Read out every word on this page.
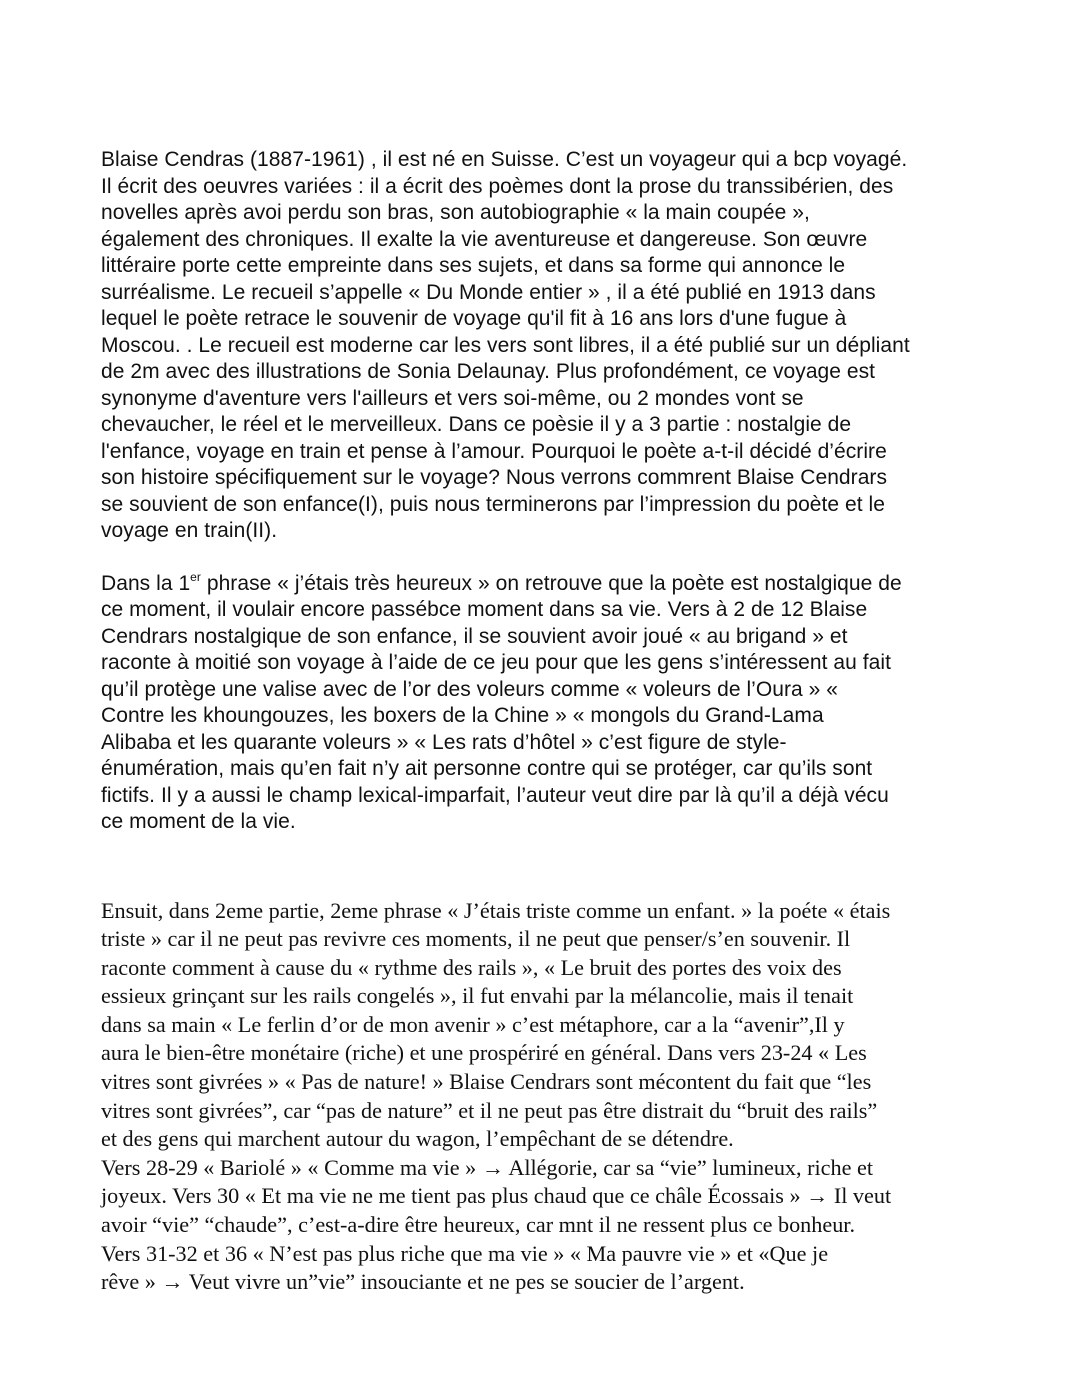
Blaise Cendras (1887-1961) , il est né en Suisse. C’est un voyageur qui a bcp voyagé.
Il écrit des oeuvres variées : il a écrit des poèmes dont la prose du transsibérien, des
novelles après avoi perdu son bras, son autobiographie « la main coupée »,
également des chroniques. Il exalte la vie aventureuse et dangereuse. Son œuvre
littéraire porte cette empreinte dans ses sujets, et dans sa forme qui annonce le
surréalisme. Le recueil s’appelle « Du Monde entier » , il a été publié en 1913 dans
lequel le poète retrace le souvenir de voyage qu'il fit à 16 ans lors d'une fugue à
Moscou. . Le recueil est moderne car les vers sont libres, il a été publié sur un dépliant
de 2m avec des illustrations de Sonia Delaunay. Plus profondément, ce voyage est
synonyme d'aventure vers l'ailleurs et vers soi-même, ou 2 mondes vont se
chevaucher, le réel et le merveilleux. Dans ce poèsie il y a 3 partie : nostalgie de
l'enfance, voyage en train et pense à l’amour. Pourquoi le poète a-t-il décidé d’écrire
son histoire spécifiquement sur le voyage? Nous verrons commrent Blaise Cendrars
se souvient de son enfance(I), puis nous terminerons par l’impression du poète et le
voyage en train(II).

Dans la 1er phrase « j’étais très heureux » on retrouve que la poète est nostalgique de
ce moment, il voulair encore passébce moment dans sa vie. Vers à 2 de 12 Blaise
Cendrars nostalgique de son enfance, il se souvient avoir joué « au brigand » et
raconte à moitié son voyage à l’aide de ce jeu pour que les gens s’intéressent au fait
qu’il protège une valise avec de l’or des voleurs comme « voleurs de l’Oura » «
Contre les khoungouzes, les boxers de la Chine » « mongols du Grand-Lama
Alibaba et les quarante voleurs » « Les rats d’hôtel » c’est figure de style-
énumération, mais qu’en fait n’y ait personne contre qui se protéger, car qu’ils sont
fictifs. Il y a aussi le champ lexical-imparfait, l’auteur veut dire par là qu’il a déjà vécu
ce moment de la vie.

Ensuit, dans 2eme partie, 2eme phrase « J’étais triste comme un enfant. » la poéte « étais
triste » car il ne peut pas revivre ces moments, il ne peut que penser/s’en souvenir. Il
raconte comment à cause du « rythme des rails », « Le bruit des portes des voix des
essieux grinçant sur les rails congelés », il fut envahi par la mélancolie, mais il tenait
dans sa main « Le ferlin d’or de mon avenir » c’est métaphore, car a la “avenir”,Il y
aura le bien-être monétaire (riche) et une prospériré en général. Dans vers 23-24 « Les
vitres sont givrées » « Pas de nature! » Blaise Cendrars sont mécontent du fait que “les
vitres sont givrées”, car “pas de nature” et il ne peut pas être distrait du “bruit des rails”
et des gens qui marchent autour du wagon, l’empêchant de se détendre.
Vers 28-29 « Bariolé » « Comme ma vie » → Allégorie, car sa “vie” lumineux, riche et
joyeux. Vers 30 « Et ma vie ne me tient pas plus chaud que ce châle Écossais » → Il veut
avoir “vie” “chaude”, c’est-a-dire être heureux, car mnt il ne ressent plus ce bonheur.
Vers 31-32 et 36 « N’est pas plus riche que ma vie » « Ma pauvre vie » et «Que je
rêve » → Veut vivre un”vie” insouciante et ne pes se soucier de l’argent.
